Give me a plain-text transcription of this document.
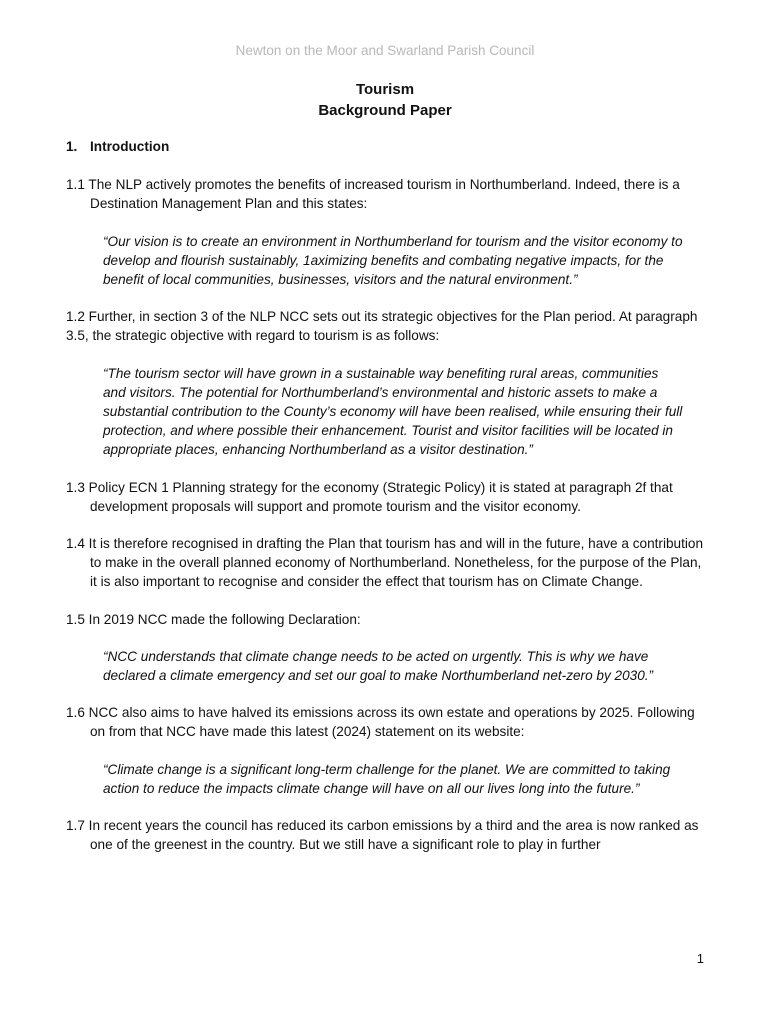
Newton on the Moor and Swarland Parish Council
Tourism
Background Paper
1. Introduction

1.1 The NLP actively promotes the benefits of increased tourism in Northumberland. Indeed, there is a Destination Management Plan and this states:

“Our vision is to create an environment in Northumberland for tourism and the visitor economy to develop and flourish sustainably, 1aximizing benefits and combating negative impacts, for the benefit of local communities, businesses, visitors and the natural environment.”

1.2 Further, in section 3 of the NLP NCC sets out its strategic objectives for the Plan period. At paragraph 3.5, the strategic objective with regard to tourism is as follows:

“The tourism sector will have grown in a sustainable way benefiting rural areas, communities and visitors. The potential for Northumberland’s environmental and historic assets to make a substantial contribution to the County’s economy will have been realised, while ensuring their full protection, and where possible their enhancement. Tourist and visitor facilities will be located in appropriate places, enhancing Northumberland as a visitor destination.”

1.3 Policy ECN 1 Planning strategy for the economy (Strategic Policy) it is stated at paragraph 2f that development proposals will support and promote tourism and the visitor economy.

1.4 It is therefore recognised in drafting the Plan that tourism has and will in the future, have a contribution to make in the overall planned economy of Northumberland. Nonetheless, for the purpose of the Plan, it is also important to recognise and consider the effect that tourism has on Climate Change.

1.5 In 2019 NCC made the following Declaration:

“NCC understands that climate change needs to be acted on urgently. This is why we have declared a climate emergency and set our goal to make Northumberland net-zero by 2030.”

1.6 NCC also aims to have halved its emissions across its own estate and operations by 2025. Following on from that NCC have made this latest (2024) statement on its website:

“Climate change is a significant long-term challenge for the planet. We are committed to taking action to reduce the impacts climate change will have on all our lives long into the future.”

1.7 In recent years the council has reduced its carbon emissions by a third and the area is now ranked as one of the greenest in the country. But we still have a significant role to play in further

1
